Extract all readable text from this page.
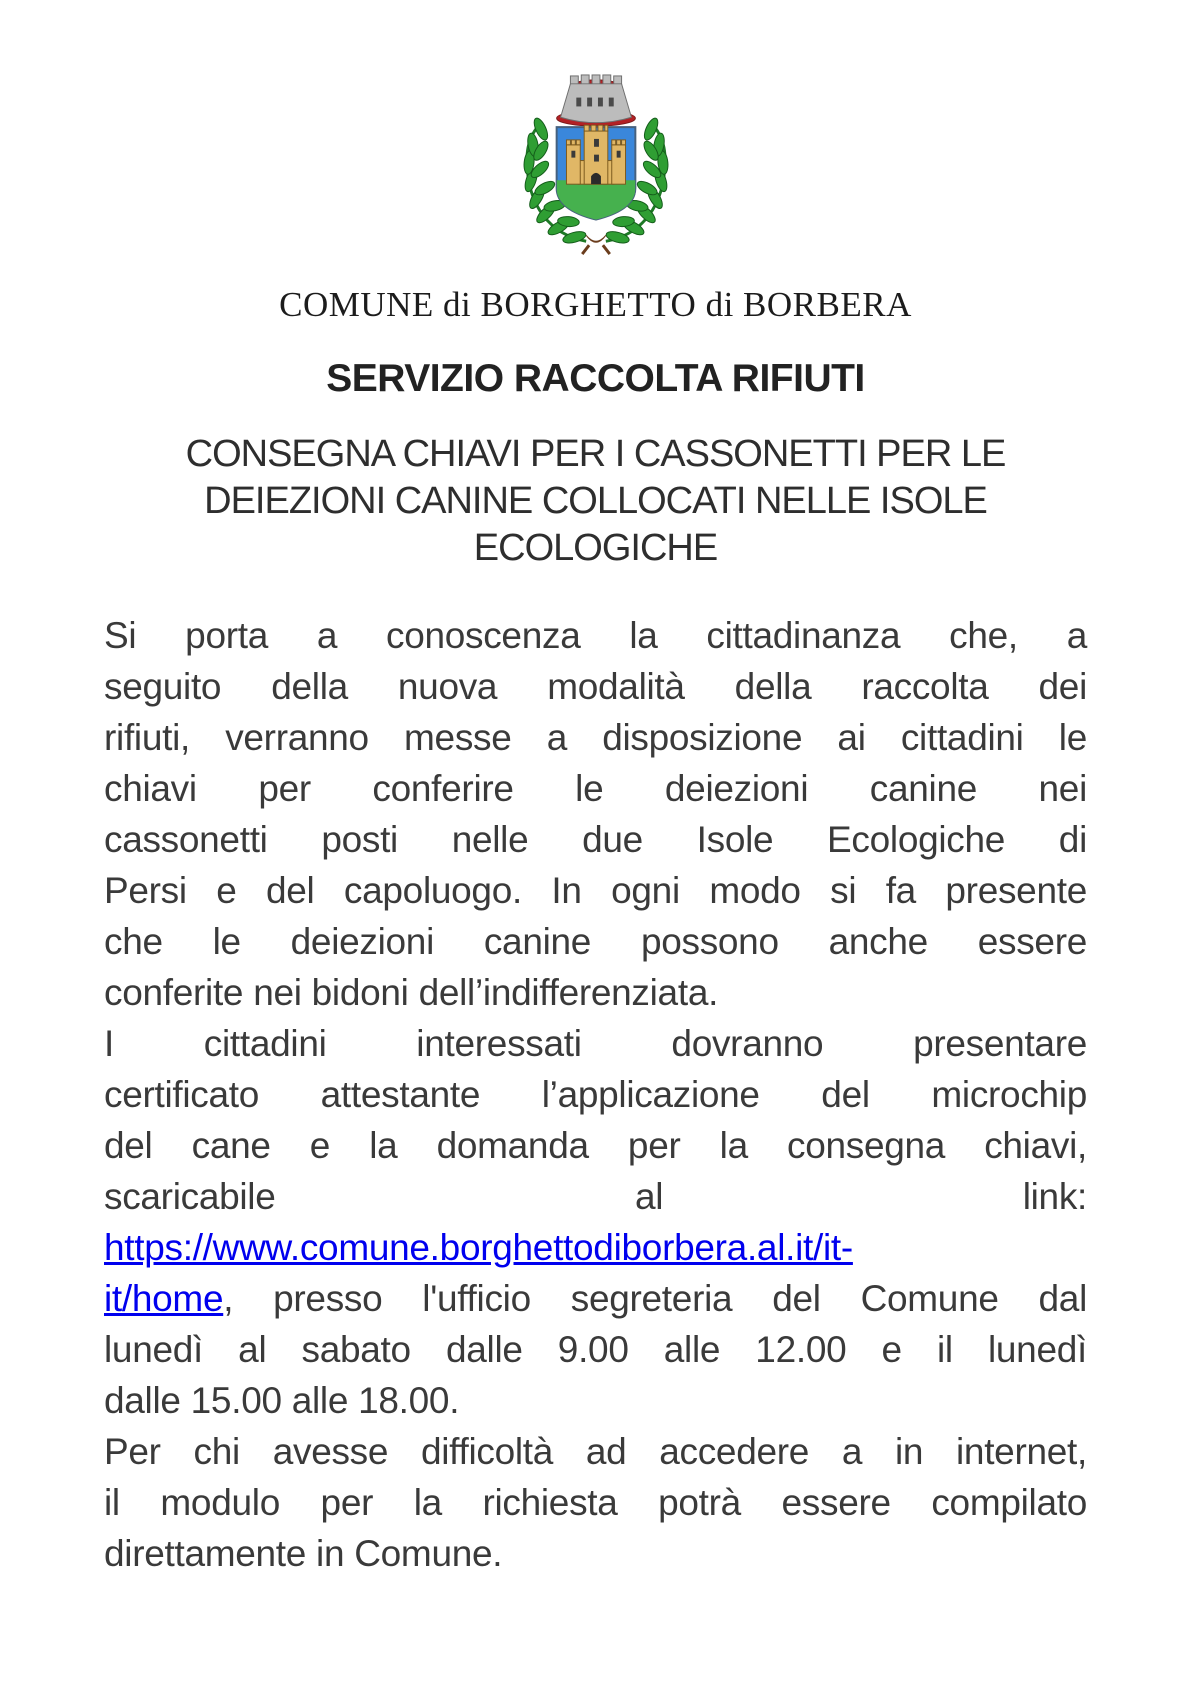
COMUNE di BORGHETTO di BORBERA
SERVIZIO RACCOLTA RIFIUTI
CONSEGNA CHIAVI PER I CASSONETTI PER LE
DEIEZIONI CANINE COLLOCATI NELLE ISOLE
ECOLOGICHE
Si porta a conoscenza la cittadinanza che, a
seguito della nuova modalità della raccolta dei
rifiuti, verranno messe a disposizione ai cittadini le
chiavi per conferire le deiezioni canine nei
cassonetti posti nelle due Isole Ecologiche di
Persi e del capoluogo. In ogni modo si fa presente
che le deiezioni canine possono anche essere
conferite nei bidoni dell’indifferenziata.
I cittadini interessati dovranno presentare
certificato attestante l’applicazione del microchip
del cane e la domanda per la consegna chiavi,
scaricabile al link:
https://www.comune.borghettodiborbera.al.it/it-
it/home, presso l'ufficio segreteria del Comune dal
lunedì al sabato dalle 9.00 alle 12.00 e il lunedì
dalle 15.00 alle 18.00.
Per chi avesse difficoltà ad accedere a in internet,
il modulo per la richiesta potrà essere compilato
direttamente in Comune.
